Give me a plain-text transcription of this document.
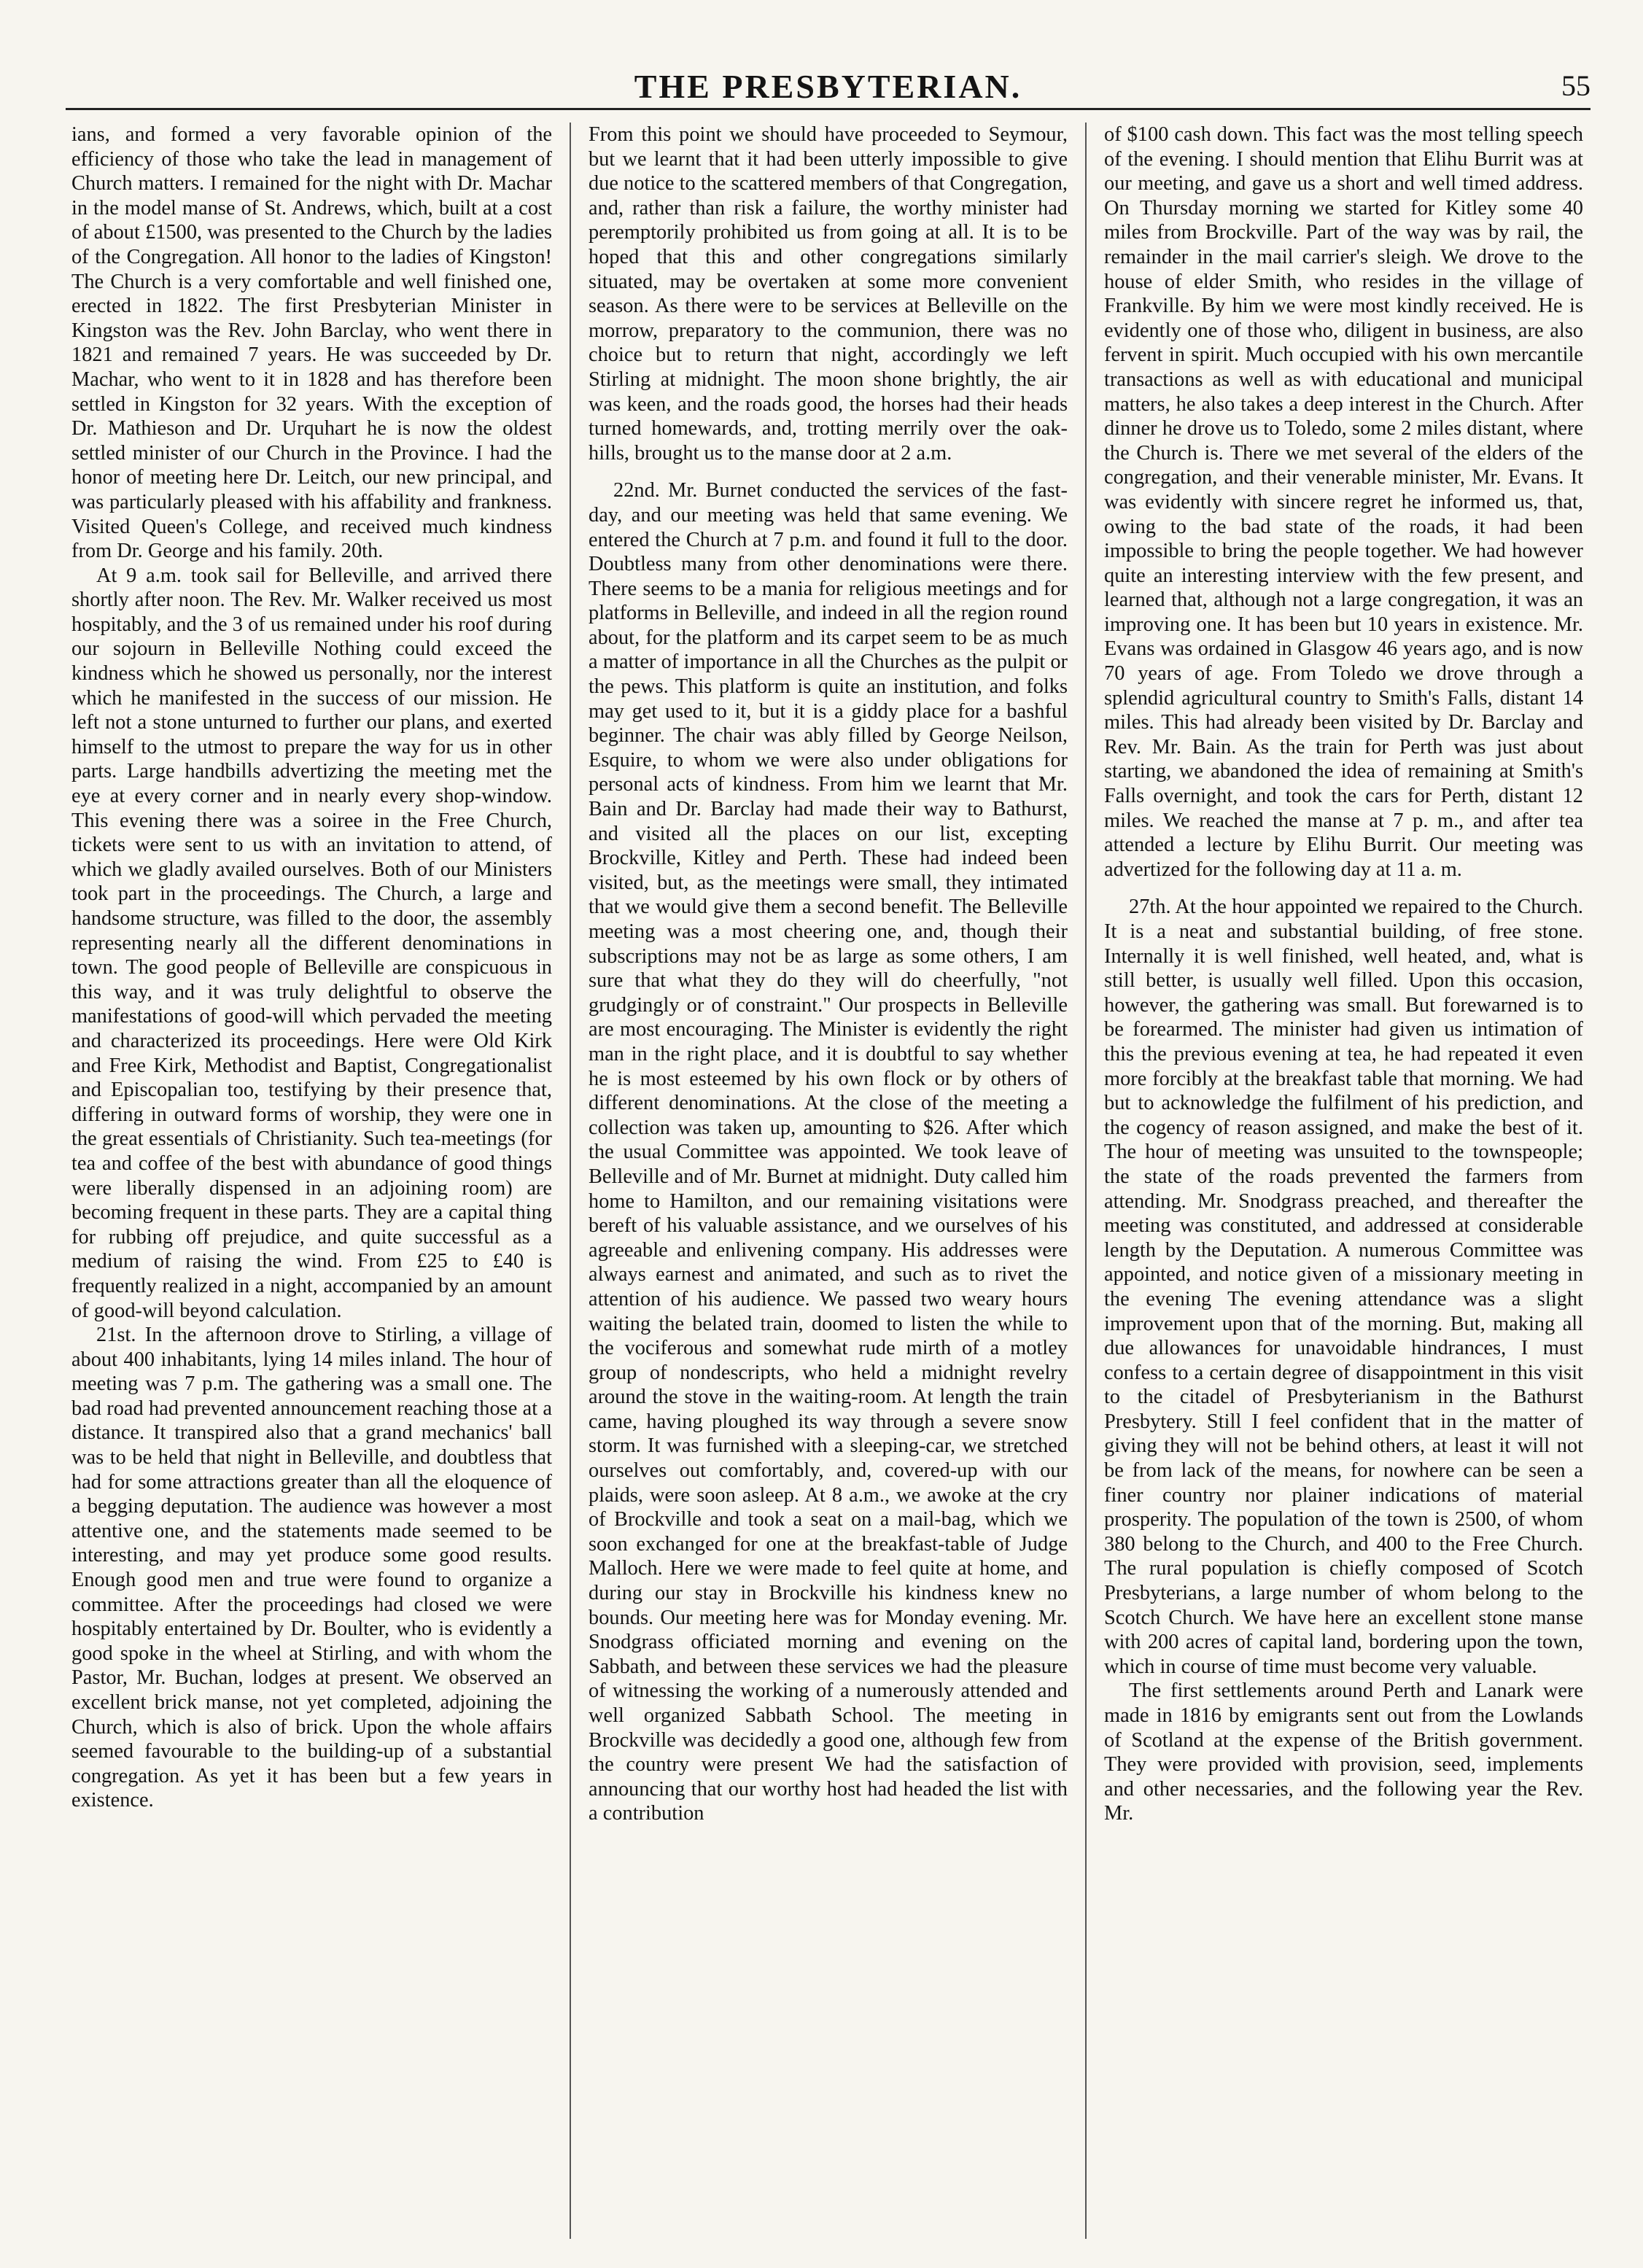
THE PRESBYTERIAN.	55

ians, and formed a very favorable opinion of the efficiency of those who take the lead in management of Church matters. I remained for the night with Dr. Machar in the model manse of St. Andrews, which, built at a cost of about £1500, was presented to the Church by the ladies of the Congregation. All honor to the ladies of Kingston! The Church is a very comfortable and well finished one, erected in 1822. The first Presbyterian Minister in Kingston was the Rev. John Barclay, who went there in 1821 and remained 7 years. He was succeeded by Dr. Machar, who went to it in 1828 and has therefore been settled in Kingston for 32 years. With the exception of Dr. Mathieson and Dr. Urquhart he is now the oldest settled minister of our Church in the Province. I had the honor of meeting here Dr. Leitch, our new principal, and was particularly pleased with his affability and frankness. Visited Queen's College, and received much kindness from Dr. George and his family. 20th.

At 9 a.m. took sail for Belleville, and arrived there shortly after noon. The Rev. Mr. Walker received us most hospitably, and the 3 of us remained under his roof during our sojourn in Belleville Nothing could exceed the kindness which he showed us personally, nor the interest which he manifested in the success of our mission. He left not a stone unturned to further our plans, and exerted himself to the utmost to prepare the way for us in other parts. Large handbills advertizing the meeting met the eye at every corner and in nearly every shop-window. This evening there was a soiree in the Free Church, tickets were sent to us with an invitation to attend, of which we gladly availed ourselves. Both of our Ministers took part in the proceedings. The Church, a large and handsome structure, was filled to the door, the assembly representing nearly all the different denominations in town. The good people of Belleville are conspicuous in this way, and it was truly delightful to observe the manifestations of good-will which pervaded the meeting and characterized its proceedings. Here were Old Kirk and Free Kirk, Methodist and Baptist, Congregationalist and Episcopalian too, testifying by their presence that, differing in outward forms of worship, they were one in the great essentials of Christianity. Such tea-meetings (for tea and coffee of the best with abundance of good things were liberally dispensed in an adjoining room) are becoming frequent in these parts. They are a capital thing for rubbing off prejudice, and quite successful as a medium of raising the wind. From £25 to £40 is frequently realized in a night, accompanied by an amount of good-will beyond calculation.

21st. In the afternoon drove to Stirling, a village of about 400 inhabitants, lying 14 miles inland. The hour of meeting was 7 p.m. The gathering was a small one. The bad road had prevented announcement reaching those at a distance. It transpired also that a grand mechanics' ball was to be held that night in Belleville, and doubtless that had for some attractions greater than all the eloquence of a begging deputation. The audience was however a most attentive one, and the statements made seemed to be interesting, and may yet produce some good results. Enough good men and true were found to organize a committee. After the proceedings had closed we were hospitably entertained by Dr. Boulter, who is evidently a good spoke in the wheel at Stirling, and with whom the Pastor, Mr. Buchan, lodges at present. We observed an excellent brick manse, not yet completed, adjoining the Church, which is also of brick. Upon the whole affairs seemed favourable to the building-up of a substantial congregation. As yet it has been but a few years in existence.

From this point we should have proceeded to Seymour, but we learnt that it had been utterly impossible to give due notice to the scattered members of that Congregation, and, rather than risk a failure, the worthy minister had peremptorily prohibited us from going at all. It is to be hoped that this and other congregations similarly situated, may be overtaken at some more convenient season. As there were to be services at Belleville on the morrow, preparatory to the communion, there was no choice but to return that night, accordingly we left Stirling at midnight. The moon shone brightly, the air was keen, and the roads good, the horses had their heads turned homewards, and, trotting merrily over the oak-hills, brought us to the manse door at 2 a.m.

22nd. Mr. Burnet conducted the services of the fast-day, and our meeting was held that same evening. We entered the Church at 7 p.m. and found it full to the door. Doubtless many from other denominations were there. There seems to be a mania for religious meetings and for platforms in Belleville, and indeed in all the region round about, for the platform and its carpet seem to be as much a matter of importance in all the Churches as the pulpit or the pews. This platform is quite an institution, and folks may get used to it, but it is a giddy place for a bashful beginner. The chair was ably filled by George Neilson, Esquire, to whom we were also under obligations for personal acts of kindness. From him we learnt that Mr. Bain and Dr. Barclay had made their way to Bathurst, and visited all the places on our list, excepting Brockville, Kitley and Perth. These had indeed been visited, but, as the meetings were small, they intimated that we would give them a second benefit. The Belleville meeting was a most cheering one, and, though their subscriptions may not be as large as some others, I am sure that what they do they will do cheerfully, "not grudgingly or of constraint." Our prospects in Belleville are most encouraging. The Minister is evidently the right man in the right place, and it is doubtful to say whether he is most esteemed by his own flock or by others of different denominations. At the close of the meeting a collection was taken up, amounting to $26. After which the usual Committee was appointed. We took leave of Belleville and of Mr. Burnet at midnight. Duty called him home to Hamilton, and our remaining visitations were bereft of his valuable assistance, and we ourselves of his agreeable and enlivening company. His addresses were always earnest and animated, and such as to rivet the attention of his audience. We passed two weary hours waiting the belated train, doomed to listen the while to the vociferous and somewhat rude mirth of a motley group of nondescripts, who held a midnight revelry around the stove in the waiting-room. At length the train came, having ploughed its way through a severe snow storm. It was furnished with a sleeping-car, we stretched ourselves out comfortably, and, covered-up with our plaids, were soon asleep. At 8 a.m., we awoke at the cry of Brockville and took a seat on a mail-bag, which we soon exchanged for one at the breakfast-table of Judge Malloch. Here we were made to feel quite at home, and during our stay in Brockville his kindness knew no bounds. Our meeting here was for Monday evening. Mr. Snodgrass officiated morning and evening on the Sabbath, and between these services we had the pleasure of witnessing the working of a numerously attended and well organized Sabbath School. The meeting in Brockville was decidedly a good one, although few from the country were present We had the satisfaction of announcing that our worthy host had headed the list with a contribution

of $100 cash down. This fact was the most telling speech of the evening. I should mention that Elihu Burrit was at our meeting, and gave us a short and well timed address. On Thursday morning we started for Kitley some 40 miles from Brockville. Part of the way was by rail, the remainder in the mail carrier's sleigh. We drove to the house of elder Smith, who resides in the village of Frankville. By him we were most kindly received. He is evidently one of those who, diligent in business, are also fervent in spirit. Much occupied with his own mercantile transactions as well as with educational and municipal matters, he also takes a deep interest in the Church. After dinner he drove us to Toledo, some 2 miles distant, where the Church is. There we met several of the elders of the congregation, and their venerable minister, Mr. Evans. It was evidently with sincere regret he informed us, that, owing to the bad state of the roads, it had been impossible to bring the people together. We had however quite an interesting interview with the few present, and learned that, although not a large congregation, it was an improving one. It has been but 10 years in existence. Mr. Evans was ordained in Glasgow 46 years ago, and is now 70 years of age. From Toledo we drove through a splendid agricultural country to Smith's Falls, distant 14 miles. This had already been visited by Dr. Barclay and Rev. Mr. Bain. As the train for Perth was just about starting, we abandoned the idea of remaining at Smith's Falls overnight, and took the cars for Perth, distant 12 miles. We reached the manse at 7 p. m., and after tea attended a lecture by Elihu Burrit. Our meeting was advertized for the following day at 11 a. m.

27th. At the hour appointed we repaired to the Church. It is a neat and substantial building, of free stone. Internally it is well finished, well heated, and, what is still better, is usually well filled. Upon this occasion, however, the gathering was small. But forewarned is to be forearmed. The minister had given us intimation of this the previous evening at tea, he had repeated it even more forcibly at the breakfast table that morning. We had but to acknowledge the fulfilment of his prediction, and the cogency of reason assigned, and make the best of it. The hour of meeting was unsuited to the townspeople; the state of the roads prevented the farmers from attending. Mr. Snodgrass preached, and thereafter the meeting was constituted, and addressed at considerable length by the Deputation. A numerous Committee was appointed, and notice given of a missionary meeting in the evening The evening attendance was a slight improvement upon that of the morning. But, making all due allowances for unavoidable hindrances, I must confess to a certain degree of disappointment in this visit to the citadel of Presbyterianism in the Bathurst Presbytery. Still I feel confident that in the matter of giving they will not be behind others, at least it will not be from lack of the means, for nowhere can be seen a finer country nor plainer indications of material prosperity. The population of the town is 2500, of whom 380 belong to the Church, and 400 to the Free Church. The rural population is chiefly composed of Scotch Presbyterians, a large number of whom belong to the Scotch Church. We have here an excellent stone manse with 200 acres of capital land, bordering upon the town, which in course of time must become very valuable.

The first settlements around Perth and Lanark were made in 1816 by emigrants sent out from the Lowlands of Scotland at the expense of the British government. They were provided with provision, seed, implements and other necessaries, and the following year the Rev. Mr.
